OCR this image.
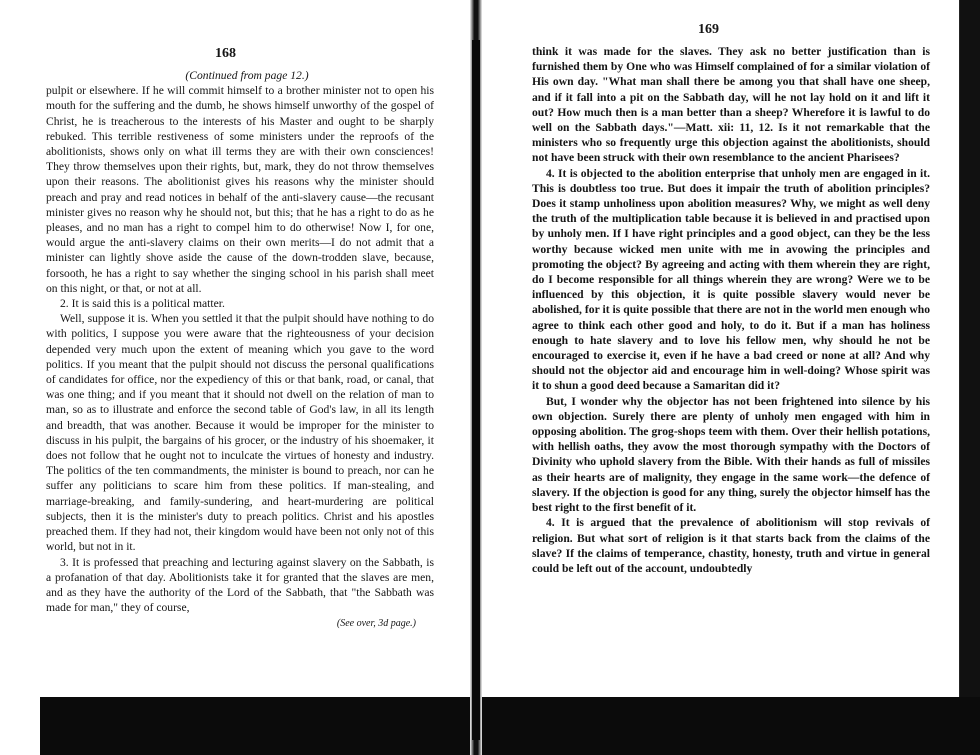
168

(Continued from page 12.)

pulpit or elsewhere. If he will commit himself to a brother minister not to open his mouth for the suffering and the dumb, he shows himself unworthy of the gospel of Christ, he is treacherous to the interests of his Master and ought to be sharply rebuked. This terrible restiveness of some ministers under the reproofs of the abolitionists, shows only on what ill terms they are with their own consciences! They throw themselves upon their rights, but, mark, they do not throw themselves upon their reasons. The abolitionist gives his reasons why the minister should preach and pray and read notices in behalf of the anti-slavery cause—the recusant minister gives no reason why he should not, but this; that he has a right to do as he pleases, and no man has a right to compel him to do otherwise! Now I, for one, would argue the anti-slavery claims on their own merits—I do not admit that a minister can lightly shove aside the cause of the down-trodden slave, because, forsooth, he has a right to say whether the singing school in his parish shall meet on this night, or that, or not at all.

2. It is said this is a political matter.

Well, suppose it is. When you settled it that the pulpit should have nothing to do with politics, I suppose you were aware that the righteousness of your decision depended very much upon the extent of meaning which you gave to the word politics. If you meant that the pulpit should not discuss the personal qualifications of candidates for office, nor the expediency of this or that bank, road, or canal, that was one thing; and if you meant that it should not dwell on the relation of man to man, so as to illustrate and enforce the second table of God's law, in all its length and breadth, that was another. Because it would be improper for the minister to discuss in his pulpit, the bargains of his grocer, or the industry of his shoemaker, it does not follow that he ought not to inculcate the virtues of honesty and industry. The politics of the ten commandments, the minister is bound to preach, nor can he suffer any politicians to scare him from these politics. If man-stealing, and marriage-breaking, and family-sundering, and heart-murdering are political subjects, then it is the minister's duty to preach politics. Christ and his apostles preached them. If they had not, their kingdom would have been not only not of this world, but not in it.

3. It is professed that preaching and lecturing against slavery on the Sabbath, is a profanation of that day. Abolitionists take it for granted that the slaves are men, and as they have the authority of the Lord of the Sabbath, that "the Sabbath was made for man," they of course,

(See over, 3d page.)
169

think it was made for the slaves. They ask no better justification than is furnished them by One who was Himself complained of for a similar violation of His own day. "What man shall there be among you that shall have one sheep, and if it fall into a pit on the Sabbath day, will he not lay hold on it and lift it out? How much then is a man better than a sheep? Wherefore it is lawful to do well on the Sabbath days."—Matt. xii: 11, 12. Is it not remarkable that the ministers who so frequently urge this objection against the abolitionists, should not have been struck with their own resemblance to the ancient Pharisees?

4. It is objected to the abolition enterprise that unholy men are engaged in it. This is doubtless too true. But does it impair the truth of abolition principles? Does it stamp unholiness upon abolition measures? Why, we might as well deny the truth of the multiplication table because it is believed in and practised upon by unholy men. If I have right principles and a good object, can they be the less worthy because wicked men unite with me in avowing the principles and promoting the object? By agreeing and acting with them wherein they are right, do I become responsible for all things wherein they are wrong? Were we to be influenced by this objection, it is quite possible slavery would never be abolished, for it is quite possible that there are not in the world men enough who agree to think each other good and holy, to do it. But if a man has holiness enough to hate slavery and to love his fellow men, why should he not be encouraged to exercise it, even if he have a bad creed or none at all? And why should not the objector aid and encourage him in well-doing? Whose spirit was it to shun a good deed because a Samaritan did it?

But, I wonder why the objector has not been frightened into silence by his own objection. Surely there are plenty of unholy men engaged with him in opposing abolition. The grog-shops teem with them. Over their hellish potations, with hellish oaths, they avow the most thorough sympathy with the Doctors of Divinity who uphold slavery from the Bible. With their hands as full of missiles as their hearts are of malignity, they engage in the same work—the defence of slavery. If the objection is good for any thing, surely the objector himself has the best right to the first benefit of it.

4. It is argued that the prevalence of abolitionism will stop revivals of religion. But what sort of religion is it that starts back from the claims of the slave? If the claims of temperance, chastity, honesty, truth and virtue in general could be left out of the account, undoubtedly
